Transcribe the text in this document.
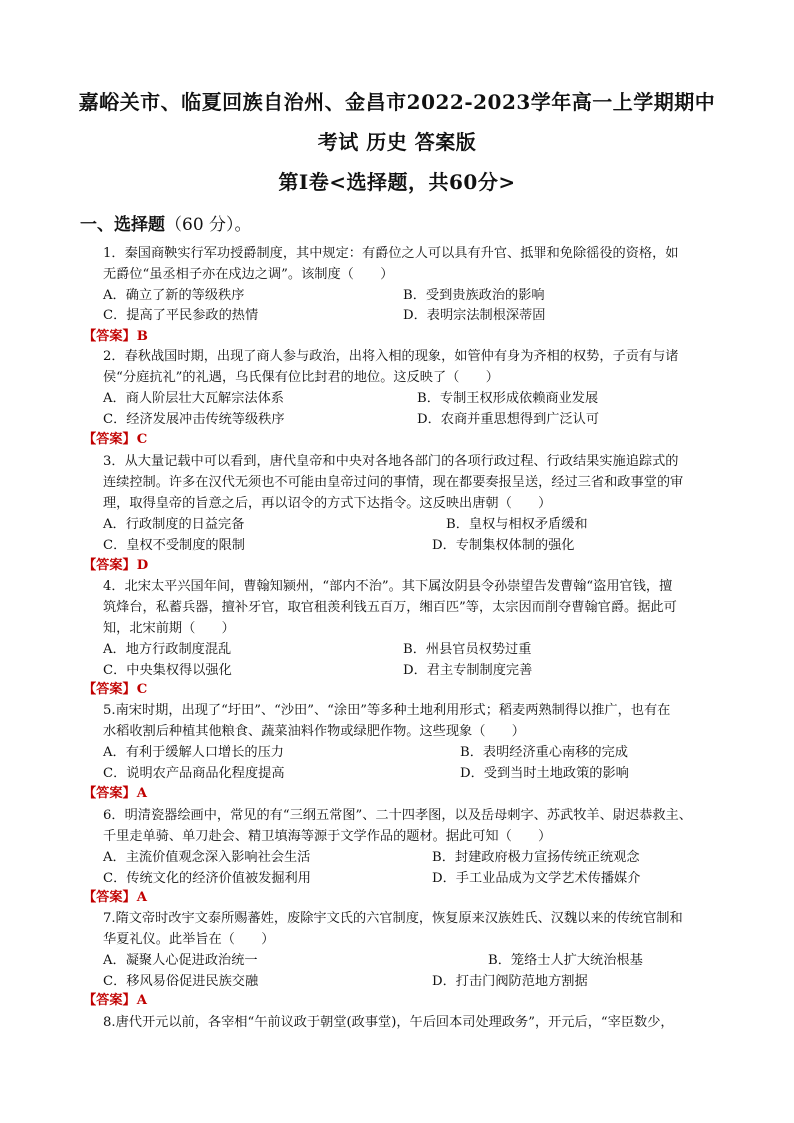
嘉峪关市、临夏回族自治州、金昌市2022-2023学年高一上学期期中
考试 历史 答案版
第Ⅰ卷<选择题，共60分>
一、选择题（60 分）。
1．秦国商鞅实行军功授爵制度，其中规定：有爵位之人可以具有升官、抵罪和免除徭役的资格，如
无爵位“虽丞相子亦在戍边之调”。该制度（　　）
A．确立了新的等级秩序	B．受到贵族政治的影响
C．提高了平民参政的热情	D．表明宗法制根深蒂固
【答案】B
2．春秋战国时期，出现了商人参与政治，出将入相的现象，如管仲有身为齐相的权势，子贡有与诸
侯“分庭抗礼”的礼遇，乌氏倮有位比封君的地位。这反映了（　　）
A．商人阶层壮大瓦解宗法体系	B．专制王权形成依赖商业发展
C．经济发展冲击传统等级秩序	D．农商并重思想得到广泛认可
【答案】C
3．从大量记载中可以看到，唐代皇帝和中央对各地各部门的各项行政过程、行政结果实施追踪式的
连续控制。许多在汉代无须也不可能由皇帝过问的事情，现在都要奏报呈送，经过三省和政事堂的审
理，取得皇帝的旨意之后，再以诏令的方式下达指令。这反映出唐朝（　　）
A．行政制度的日益完备	B．皇权与相权矛盾缓和
C．皇权不受制度的限制	D．专制集权体制的强化
【答案】D
4．北宋太平兴国年间，曹翰知颍州，“部内不治”。其下属汝阴县令孙崇望告发曹翰“盗用官钱，擅
筑烽台，私蓄兵器，擅补牙官，取官租羡利钱五百万，缃百匹”等，太宗因而削夺曹翰官爵。据此可
知，北宋前期（　　）
A．地方行政制度混乱	B．州县官员权势过重
C．中央集权得以强化	D．君主专制制度完善
【答案】C
5.南宋时期，出现了“圩田”、“沙田”、“涂田”等多种土地利用形式；稻麦两熟制得以推广，也有在
水稻收割后种植其他粮食、蔬菜油料作物或绿肥作物。这些现象（　　）
A．有利于缓解人口增长的压力	B．表明经济重心南移的完成
C．说明农产品商品化程度提高	D．受到当时土地政策的影响
【答案】A
6．明清瓷器绘画中，常见的有“三纲五常图”、二十四孝图，以及岳母刺字、苏武牧羊、尉迟恭救主、
千里走单骑、单刀赴会、精卫填海等源于文学作品的题材。据此可知（　　）
A．主流价值观念深入影响社会生活	B．封建政府极力宣扬传统正统观念
C．传统文化的经济价值被发掘利用	D．手工业品成为文学艺术传播媒介
【答案】A
7.隋文帝时改宇文泰所赐蕃姓，废除宇文氏的六官制度，恢复原来汉族姓氏、汉魏以来的传统官制和
华夏礼仪。此举旨在（　　）
A．凝聚人心促进政治统一	B．笼络士人扩大统治根基
C．移风易俗促进民族交融	D．打击门阀防范地方割据
【答案】A
8.唐代开元以前，各宰相“午前议政于朝堂(政事堂)，午后回本司处理政务”，开元后，“宰臣数少，
